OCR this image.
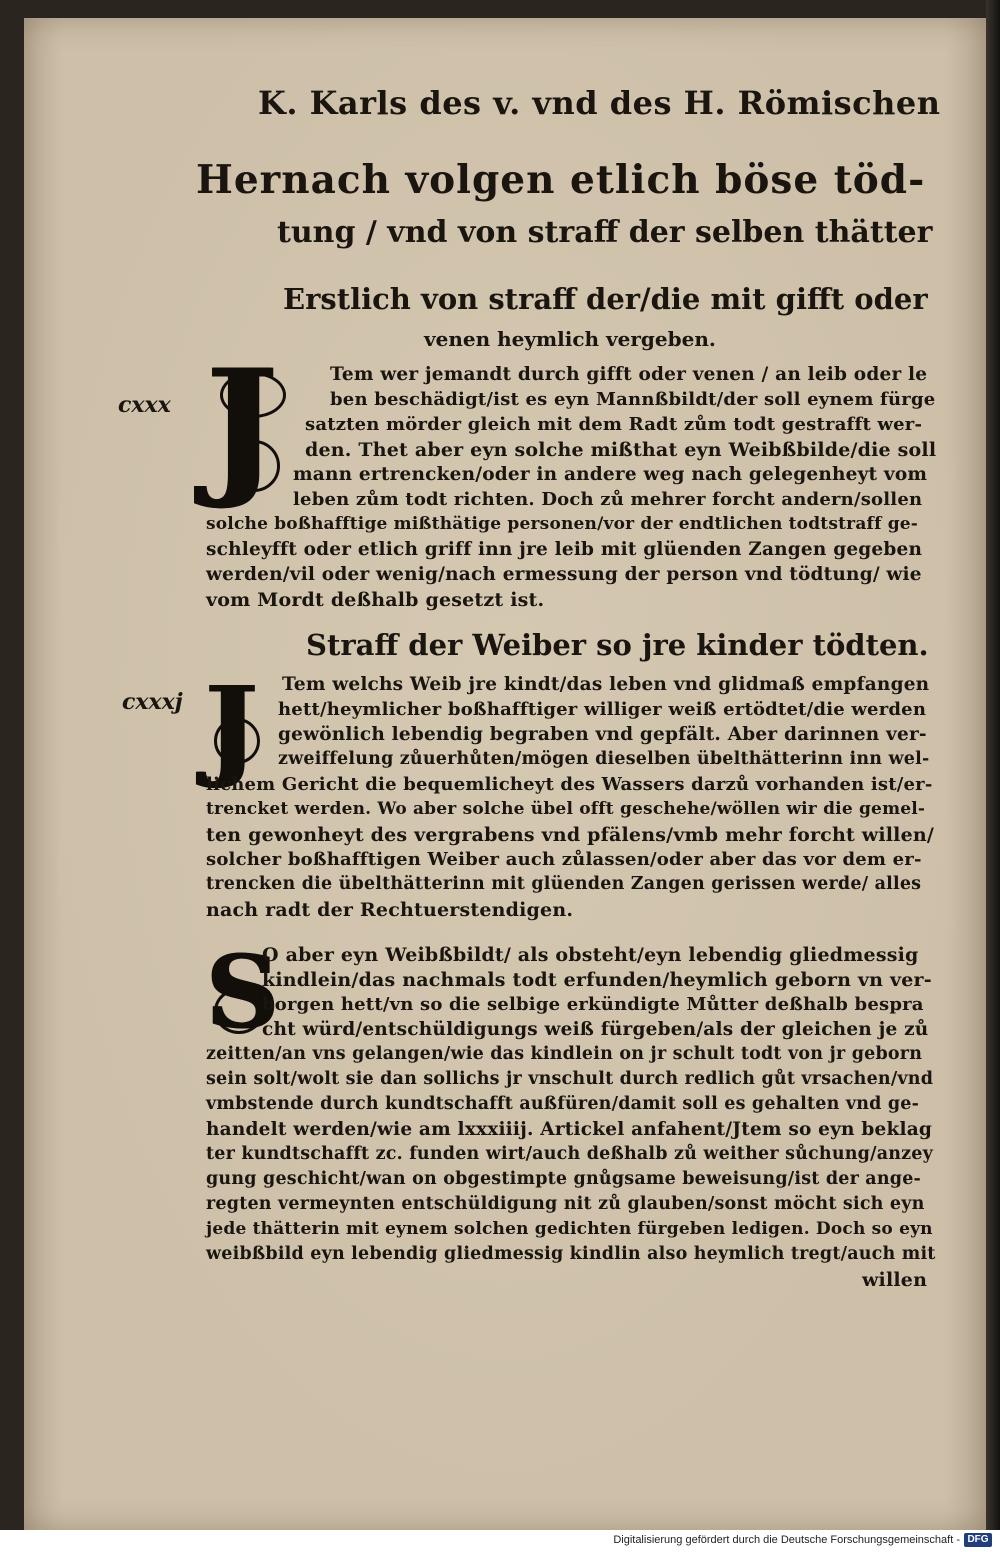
K. Karls des v. vnd des H. Römischen
Hernach volgen etlich böse töd-
tung / vnd von straff der selben thätter
Erstlich von straff der/die mit gifft oder
venen heymlich vergeben.
cxxx J	Tem wer jemandt durch gifft oder venen / an leib oder le
ben beschädigt/ist es eyn Mannßbildt/der soll eynem fürge
satzten mörder gleich mit dem Radt zům todt gestrafft wer-
den. Thet aber eyn solche mißthat eyn Weibßbilde/die soll
mann ertrencken/oder in andere weg nach gelegenheyt vom
leben zům todt richten. Doch zů mehrer forcht andern/sollen
solche boßhafftige mißthätige personen/vor der endtlichen todtstraff ge-
schleyfft oder etlich griff inn jre leib mit glüenden Zangen gegeben
werden/vil oder wenig/nach ermessung der person vnd tödtung/ wie
vom Mordt deßhalb gesetzt ist.
Straff der Weiber so jre kinder tödten.
cxxxj J	Tem welchs Weib jre kindt/das leben vnd glidmaß empfangen
hett/heymlicher boßhafftiger williger weiß ertödtet/die werden
gewönlich lebendig begraben vnd gepfält. Aber darinnen ver-
zweiffelung zůuerhůten/mögen dieselben übelthätterinn inn wel-
lichem Gericht die bequemlicheyt des Wassers darzů vorhanden ist/er-
trencket werden. Wo aber solche übel offt geschehe/wöllen wir die gemel-
ten gewonheyt des vergrabens vnd pfälens/vmb mehr forcht willen/
solcher boßhafftigen Weiber auch zůlassen/oder aber das vor dem er-
trencken die übelthätterinn mit glüenden Zangen gerissen werde/ alles
nach radt der Rechtuerstendigen.
S
O aber eyn Weibßbildt/ als obsteht/eyn lebendig gliedmessig
kindlein/das nachmals todt erfunden/heymlich geborn vn ver-
borgen hett/vn so die selbige erkündigte Můtter deßhalb bespra
cht würd/entschüldigungs weiß fürgeben/als der gleichen je zů
zeitten/an vns gelangen/wie das kindlein on jr schult todt von jr geborn
sein solt/wolt sie dan sollichs jr vnschult durch redlich gůt vrsachen/vnd
vmbstende durch kundtschafft außfüren/damit soll es gehalten vnd ge-
handelt werden/wie am lxxxiiij. Artickel anfahent/Jtem so eyn beklag
ter kundtschafft zc. funden wirt/auch deßhalb zů weither sůchung/anzey
gung geschicht/wan on obgestimpte gnůgsame beweisung/ist der ange-
regten vermeynten entschüldigung nit zů glauben/sonst möcht sich eyn
jede thätterin mit eynem solchen gedichten fürgeben ledigen. Doch so eyn
weibßbild eyn lebendig gliedmessig kindlin also heymlich tregt/auch mit
willen
Digitalisierung gefördert durch die Deutsche Forschungsgemeinschaft - DFG
